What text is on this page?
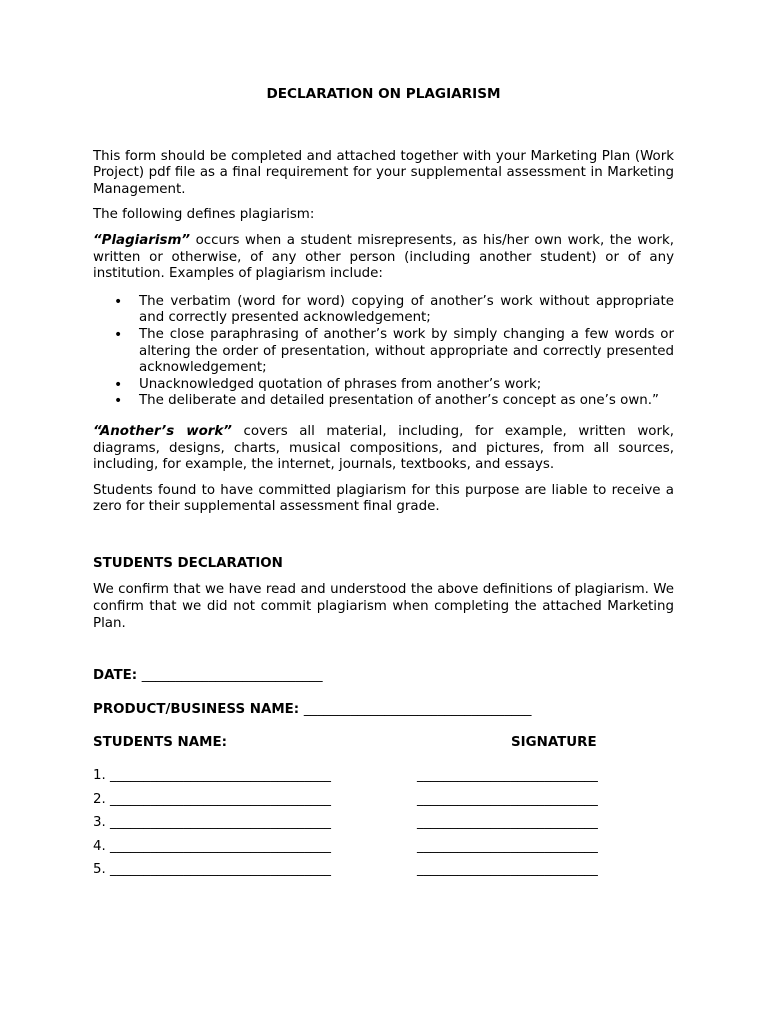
DECLARATION ON PLAGIARISM

This form should be completed and attached together with your Marketing Plan (Work Project) pdf file as a final requirement for your supplemental assessment in Marketing Management.

The following defines plagiarism:

“Plagiarism” occurs when a student misrepresents, as his/her own work, the work, written or otherwise, of any other person (including another student) or of any institution. Examples of plagiarism include:

• The verbatim (word for word) copying of another’s work without appropriate and correctly presented acknowledgement;
• The close paraphrasing of another’s work by simply changing a few words or altering the order of presentation, without appropriate and correctly presented acknowledgement;
• Unacknowledged quotation of phrases from another’s work;
• The deliberate and detailed presentation of another’s concept as one’s own.”

“Another’s work” covers all material, including, for example, written work, diagrams, designs, charts, musical compositions, and pictures, from all sources, including, for example, the internet, journals, textbooks, and essays.

Students found to have committed plagiarism for this purpose are liable to receive a zero for their supplemental assessment final grade.

STUDENTS DECLARATION

We confirm that we have read and understood the above definitions of plagiarism. We confirm that we did not commit plagiarism when completing the attached Marketing Plan.

DATE: ___________________________
PRODUCT/BUSINESS NAME: __________________________________
STUDENTS NAME:	SIGNATURE
1. _________________________________	___________________________
2. _________________________________	___________________________
3. _________________________________	___________________________
4. _________________________________	___________________________
5. _________________________________	___________________________
